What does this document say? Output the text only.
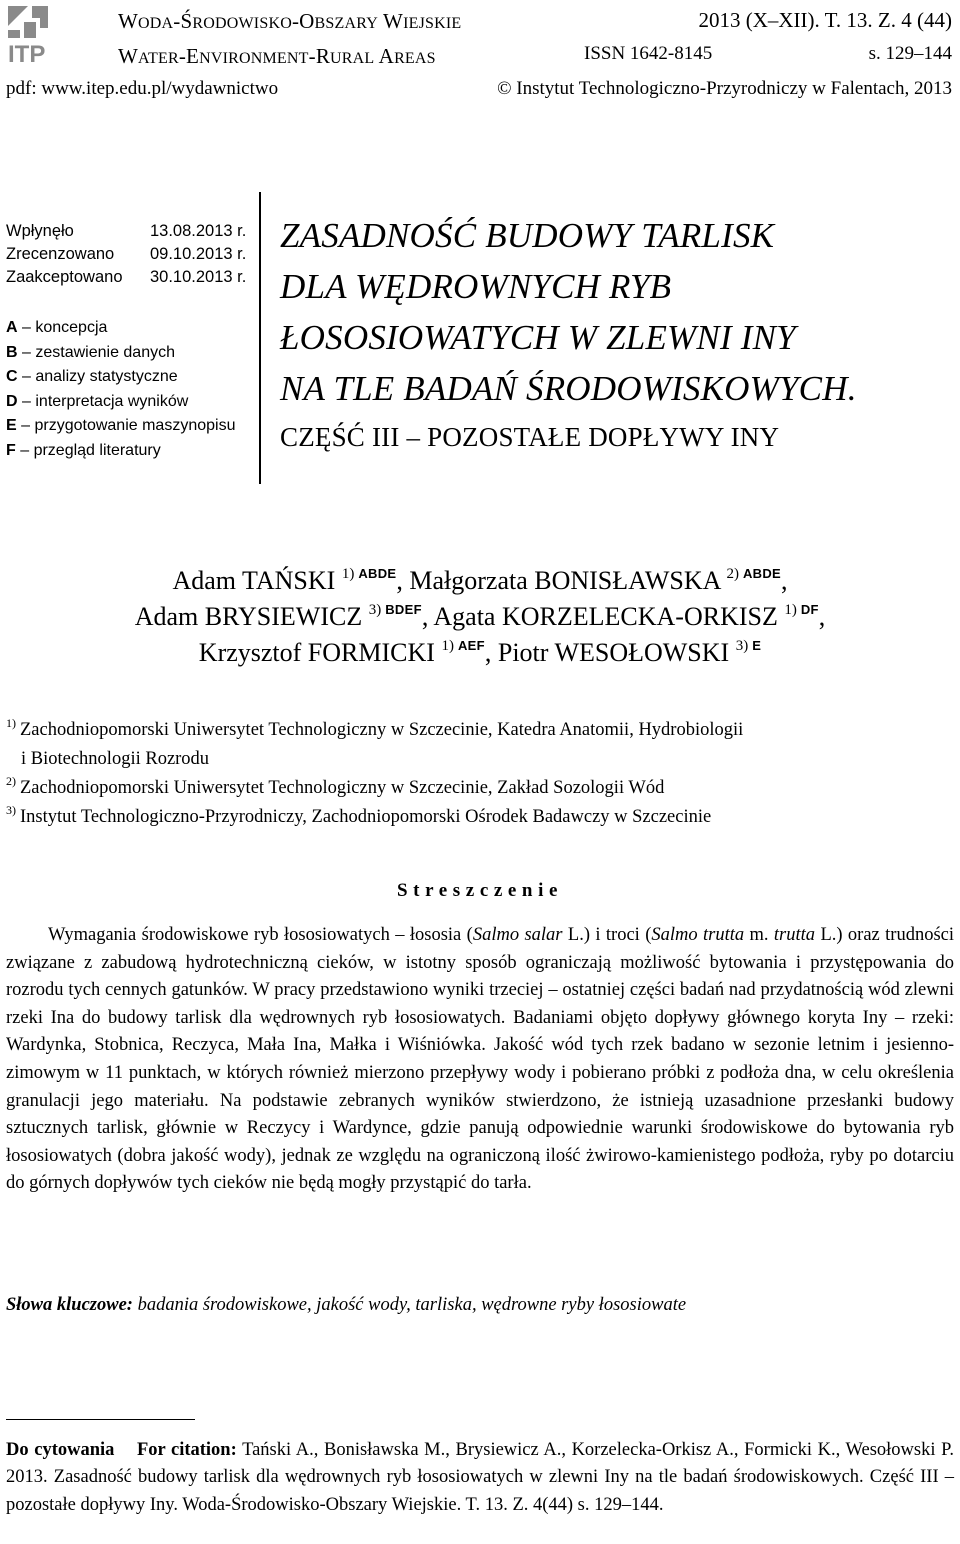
ITP
WODA-ŚRODOWISKO-OBSZARY WIEJSKIE
WATER-ENVIRONMENT-RURAL AREAS
2013 (X–XII). T. 13. Z. 4 (44)
ISSN 1642-8145	s. 129–144
pdf: www.itep.edu.pl/wydawnictwo	© Instytut Technologiczno-Przyrodniczy w Falentach, 2013
Wpłynęło
Zrecenzowano
Zaakceptowano
13.08.2013 r.
09.10.2013 r.
30.10.2013 r.
A – koncepcja
B – zestawienie danych
C – analizy statystyczne
D – interpretacja wyników
E – przygotowanie maszynopisu
F – przegląd literatury
ZASADNOŚĆ BUDOWY TARLISK
DLA WĘDROWNYCH RYB
ŁOSOSIOWATYCH W ZLEWNI INY
NA TLE BADAŃ ŚRODOWISKOWYCH.
CZĘŚĆ III – POZOSTAŁE DOPŁYWY INY
Adam TAŃSKI $^{1)}$ $^{ABDE}$, Małgorzata BONISŁAWSKA $^{2)}$ $^{ABDE}$,
Adam BRYSIEWICZ $^{3)}$ $^{BDEF}$, Agata KORZELECKA-ORKISZ $^{1)}$ $^{DF}$,
Krzysztof FORMICKI $^{1)}$ $^{AEF}$, Piotr WESOŁOWSKI $^{3)}$ $^E$
$^{1)}$ Zachodniopomorski Uniwersytet Technologiczny w Szczecinie, Katedra Anatomii, Hydrobiologii
i Biotechnologii Rozrodu
$^{2)}$ Zachodniopomorski Uniwersytet Technologiczny w Szczecinie, Zakład Sozologii Wód
$^{3)}$ Instytut Technologiczno-Przyrodniczy, Zachodniopomorski Ośrodek Badawczy w Szczecinie
Streszczenie
Wymagania środowiskowe ryb łososiowatych – łososia (Salmo salar L.) i troci (Salmo trutta m. trutta L.) oraz trudności związane z zabudową hydrotechniczną cieków, w istotny sposób ograniczają możliwość bytowania i przystępowania do rozrodu tych cennych gatunków. W pracy przedstawiono wyniki trzeciej – ostatniej części badań nad przydatnością wód zlewni rzeki Ina do budowy tarlisk dla wędrownych ryb łososiowatych. Badaniami objęto dopływy głównego koryta Iny – rzeki: Wardynka, Stobnica, Reczyca, Mała Ina, Małka i Wiśniówka. Jakość wód tych rzek badano w sezonie letnim i jesienno-zimowym w 11 punktach, w których również mierzono przepływy wody i pobierano próbki z podłoża dna, w celu określenia granulacji jego materiału. Na podstawie zebranych wyników stwierdzono, że istnieją uzasadnione przesłanki budowy sztucznych tarlisk, głównie w Reczycy i Wardynce, gdzie panują odpowiednie warunki środowiskowe do bytowania ryb łososiowatych (dobra jakość wody), jednak ze względu na ograniczoną ilość żwirowo-kamienistego podłoża, ryby po dotarciu do górnych dopływów tych cieków nie będą mogły przystąpić do tarła.
Słowa kluczowe: badania środowiskowe, jakość wody, tarliska, wędrowne ryby łososiowate
Do cytowania For citation: Tański A., Bonisławska M., Brysiewicz A., Korzelecka-Orkisz A., Formicki K., Wesołowski P. 2013. Zasadność budowy tarlisk dla wędrownych ryb łososiowatych w zlewni Iny na tle badań środowiskowych. Część III – pozostałe dopływy Iny. Woda-Środowisko-Obszary Wiejskie. T. 13. Z. 4(44) s. 129–144.
